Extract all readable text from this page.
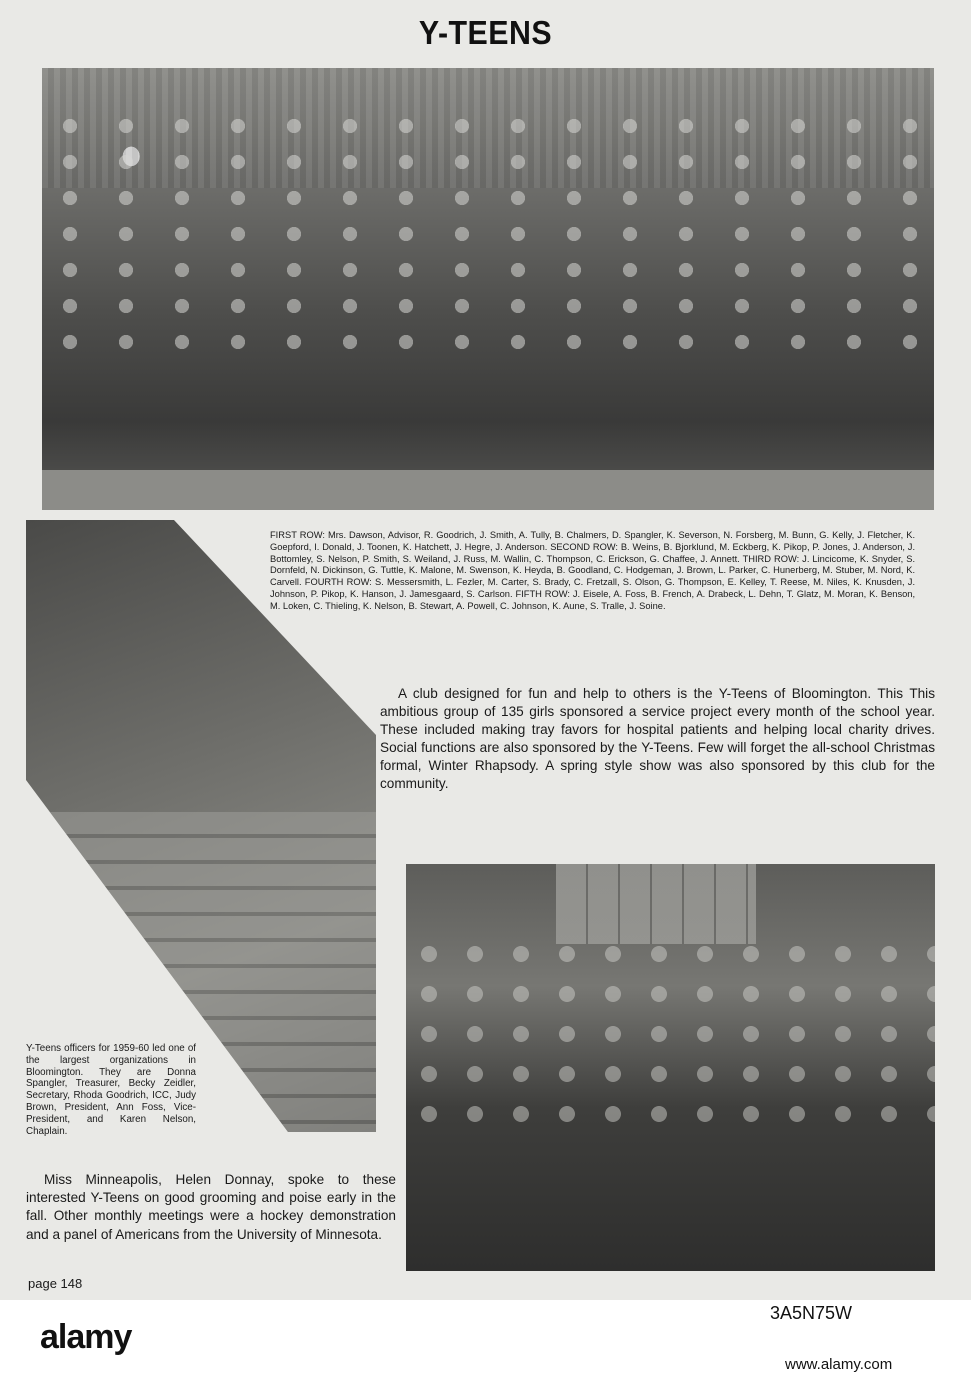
Y-TEENS
FIRST ROW: Mrs. Dawson, Advisor, R. Goodrich, J. Smith, A. Tully, B. Chalmers, D. Spangler, K. Severson, N. Forsberg, M. Bunn, G. Kelly, J. Fletcher, K. Goepford, I. Donald, J. Toonen, K. Hatchett, J. Hegre, J. Anderson. SECOND ROW: B. Weins, B. Bjorklund, M. Eckberg, K. Pikop, P. Jones, J. Anderson, J. Bottomley, S. Nelson, P. Smith, S. Weiland, J. Russ, M. Wallin, C. Thompson, C. Erickson, G. Chaffee, J. Annett. THIRD ROW: J. Lincicome, K. Snyder, S. Dornfeld, N. Dickinson, G. Tuttle, K. Malone, M. Swenson, K. Heyda, B. Goodland, C. Hodgeman, J. Brown, L. Parker, C. Hunerberg, M. Stuber, M. Nord, K. Carvell. FOURTH ROW: S. Messersmith, L. Fezler, M. Carter, S. Brady, C. Fretzall, S. Olson, G. Thompson, E. Kelley, T. Reese, M. Niles, K. Knusden, J. Johnson, P. Pikop, K. Hanson, J. Jamesgaard, S. Carlson. FIFTH ROW: J. Eisele, A. Foss, B. French, A. Drabeck, L. Dehn, T. Glatz, M. Moran, K. Benson, M. Loken, C. Thieling, K. Nelson, B. Stewart, A. Powell, C. Johnson, K. Aune, S. Tralle, J. Soine.
A club designed for fun and help to others is the Y-Teens of Bloomington. This This ambitious group of 135 girls sponsored a service project every month of the school year. These included making tray favors for hospital patients and helping local charity drives. Social functions are also sponsored by the Y-Teens. Few will forget the all-school Christmas formal, Winter Rhapsody. A spring style show was also sponsored by this club for the community.
Y-Teens officers for 1959-60 led one of the largest organizations in Bloomington. They are Donna Spangler, Treasurer, Becky Zeidler, Secretary, Rhoda Goodrich, ICC, Judy Brown, President, Ann Foss, Vice-President, and Karen Nelson, Chaplain.
Miss Minneapolis, Helen Donnay, spoke to these interested Y-Teens on good grooming and poise early in the fall. Other monthly meetings were a hockey demonstration and a panel of Americans from the University of Minnesota.
page 148
alamy
3A5N75W
www.alamy.com
